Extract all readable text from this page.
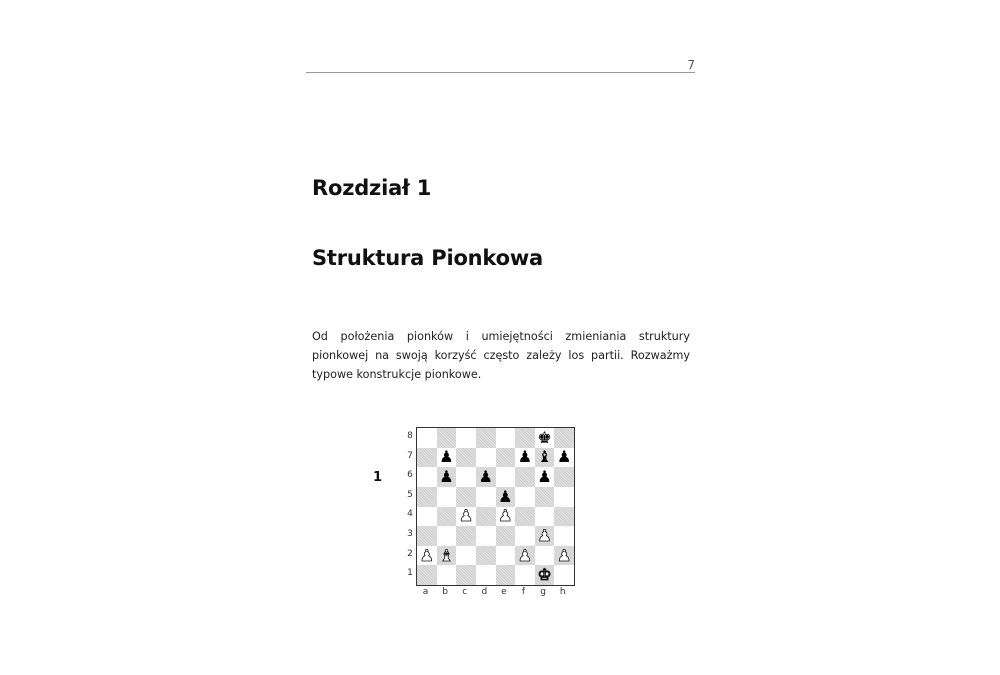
7
Rozdział 1
Struktura Pionkowa

Od położenia pionków i umiejętności zmieniania struktury pionkowej na swoją korzyść często zależy los partii. Rozważmy typowe konstrukcje pionkowe.

1
8
7
6
5
4
3
2
1
♚
♟	♟ ♝ ♟
♟ ♟	♟
♟
♟ ♟
♟
♟ ♝	♟ ♟
♚
a	b	c	d	e	f	g	h
